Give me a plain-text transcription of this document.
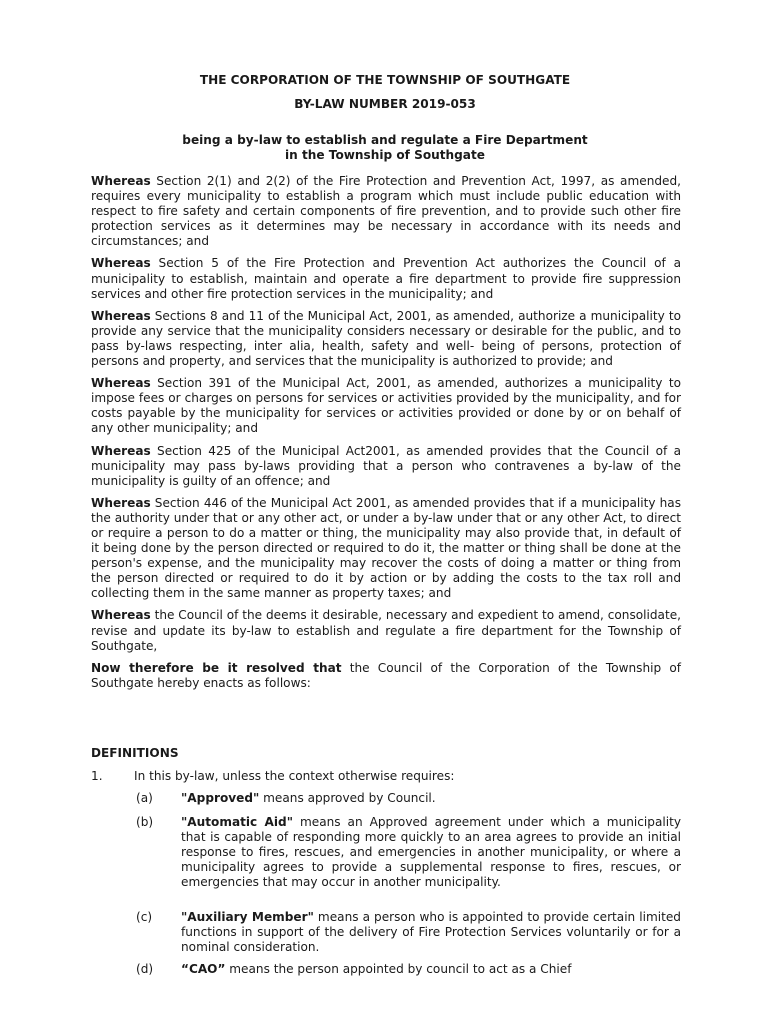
THE CORPORATION OF THE TOWNSHIP OF SOUTHGATE
BY-LAW NUMBER 2019-053
being a by-law to establish and regulate a Fire Department
in the Township of Southgate

Whereas Section 2(1) and 2(2) of the Fire Protection and Prevention Act, 1997, as amended, requires every municipality to establish a program which must include public education with respect to fire safety and certain components of fire prevention, and to provide such other fire protection services as it determines may be necessary in accordance with its needs and circumstances; and

Whereas Section 5 of the Fire Protection and Prevention Act authorizes the Council of a municipality to establish, maintain and operate a fire department to provide fire suppression services and other fire protection services in the municipality; and

Whereas Sections 8 and 11 of the Municipal Act, 2001, as amended, authorize a municipality to provide any service that the municipality considers necessary or desirable for the public, and to pass by-laws respecting, inter alia, health, safety and well- being of persons, protection of persons and property, and services that the municipality is authorized to provide; and

Whereas Section 391 of the Municipal Act, 2001, as amended, authorizes a municipality to impose fees or charges on persons for services or activities provided by the municipality, and for costs payable by the municipality for services or activities provided or done by or on behalf of any other municipality; and

Whereas Section 425 of the Municipal Act2001, as amended provides that the Council of a municipality may pass by-laws providing that a person who contravenes a by-law of the municipality is guilty of an offence; and

Whereas Section 446 of the Municipal Act 2001, as amended provides that if a municipality has the authority under that or any other act, or under a by-law under that or any other Act, to direct or require a person to do a matter or thing, the municipality may also provide that, in default of it being done by the person directed or required to do it, the matter or thing shall be done at the person's expense, and the municipality may recover the costs of doing a matter or thing from the person directed or required to do it by action or by adding the costs to the tax roll and collecting them in the same manner as property taxes; and

Whereas the Council of the deems it desirable, necessary and expedient to amend, consolidate, revise and update its by-law to establish and regulate a fire department for the Township of Southgate,

Now therefore be it resolved that the Council of the Corporation of the Township of Southgate hereby enacts as follows:

DEFINITIONS
1.	In this by-law, unless the context otherwise requires:
(a) "Approved" means approved by Council.
(b) "Automatic Aid" means an Approved agreement under which a municipality that is capable of responding more quickly to an area agrees to provide an initial response to fires, rescues, and emergencies in another municipality, or where a municipality agrees to provide a supplemental response to fires, rescues, or emergencies that may occur in another municipality.
(c) "Auxiliary Member" means a person who is appointed to provide certain limited functions in support of the delivery of Fire Protection Services voluntarily or for a nominal consideration.
(d) “CAO” means the person appointed by council to act as a Chief
